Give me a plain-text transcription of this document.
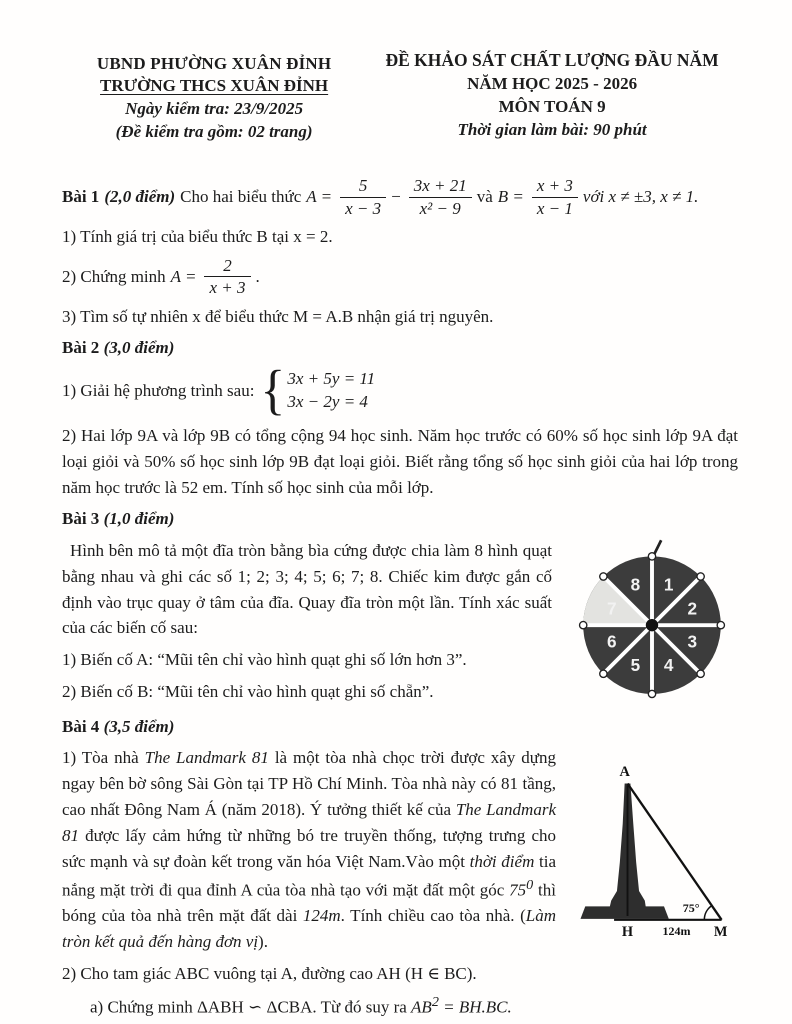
UBND PHƯỜNG XUÂN ĐỈNH
TRƯỜNG THCS XUÂN ĐỈNH
Ngày kiểm tra: 23/9/2025
(Đề kiểm tra gồm: 02 trang)
ĐỀ KHẢO SÁT CHẤT LƯỢNG ĐẦU NĂM
NĂM HỌC 2025 - 2026
MÔN TOÁN 9
Thời gian làm bài: 90 phút
Bài 1 (2,0 điểm) Cho hai biểu thức $A = \frac{5}{x - 3} - \frac{3x + 21}{\text{x² − 9}}$ và $B = \frac{x + 3}{x - 1}$ với x ≠ ±3, x ≠ 1.
1) Tính giá trị của biểu thức B tại x = 2.
2) Chứng minh $A = \frac{2}{x + 3}$ .
3) Tìm số tự nhiên x để biểu thức M = A.B nhận giá trị nguyên.
Bài 2 (3,0 điểm)
1) Giải hệ phương trình sau: { 3x + 5y = 11
3x − 2y = 4
2) Hai lớp 9A và lớp 9B có tổng cộng 94 học sinh. Năm học trước có 60% số học sinh lớp 9A đạt loại giỏi và 50% số học sinh lớp 9B đạt loại giỏi. Biết rằng tổng số học sinh giỏi của hai lớp trong năm học trước là 52 em. Tính số học sinh của mỗi lớp.
Bài 3 (1,0 điểm)
1
2
3
4
5
6
7
8
Hình bên mô tả một đĩa tròn bằng bìa cứng được chia làm 8 hình quạt bằng nhau và ghi các số 1; 2; 3; 4; 5; 6; 7; 8. Chiếc kim được gắn cố định vào trục quay ở tâm của đĩa. Quay đĩa tròn một lần. Tính xác suất của các biến cố sau:
1) Biến cố A: “Mũi tên chỉ vào hình quạt ghi số lớn hơn 3”.
2) Biến cố B: “Mũi tên chỉ vào hình quạt ghi số chẵn”.
Bài 4 (3,5 điểm)
A
H	M
75°
124m
1) Tòa nhà The Landmark 81 là một tòa nhà chọc trời được xây dựng ngay bên bờ sông Sài Gòn tại TP Hồ Chí Minh. Tòa nhà này có 81 tầng, cao nhất Đông Nam Á (năm 2018). Ý tưởng thiết kế của The Landmark 81 được lấy cảm hứng từ những bó tre truyền thống, tượng trưng cho sức mạnh và sự đoàn kết trong văn hóa Việt Nam.Vào một thời điểm tia nắng mặt trời đi qua đỉnh A của tòa nhà tạo với mặt đất một góc $75^0$ thì bóng của tòa nhà trên mặt đất dài 124m. Tính chiều cao tòa nhà. (Làm tròn kết quả đến hàng đơn vị).
2) Cho tam giác ABC vuông tại A, đường cao AH (H ∈ BC).
a) Chứng minh ΔABH ∽ ΔCBA. Từ đó suy ra $AB^2 = BH.BC$.
